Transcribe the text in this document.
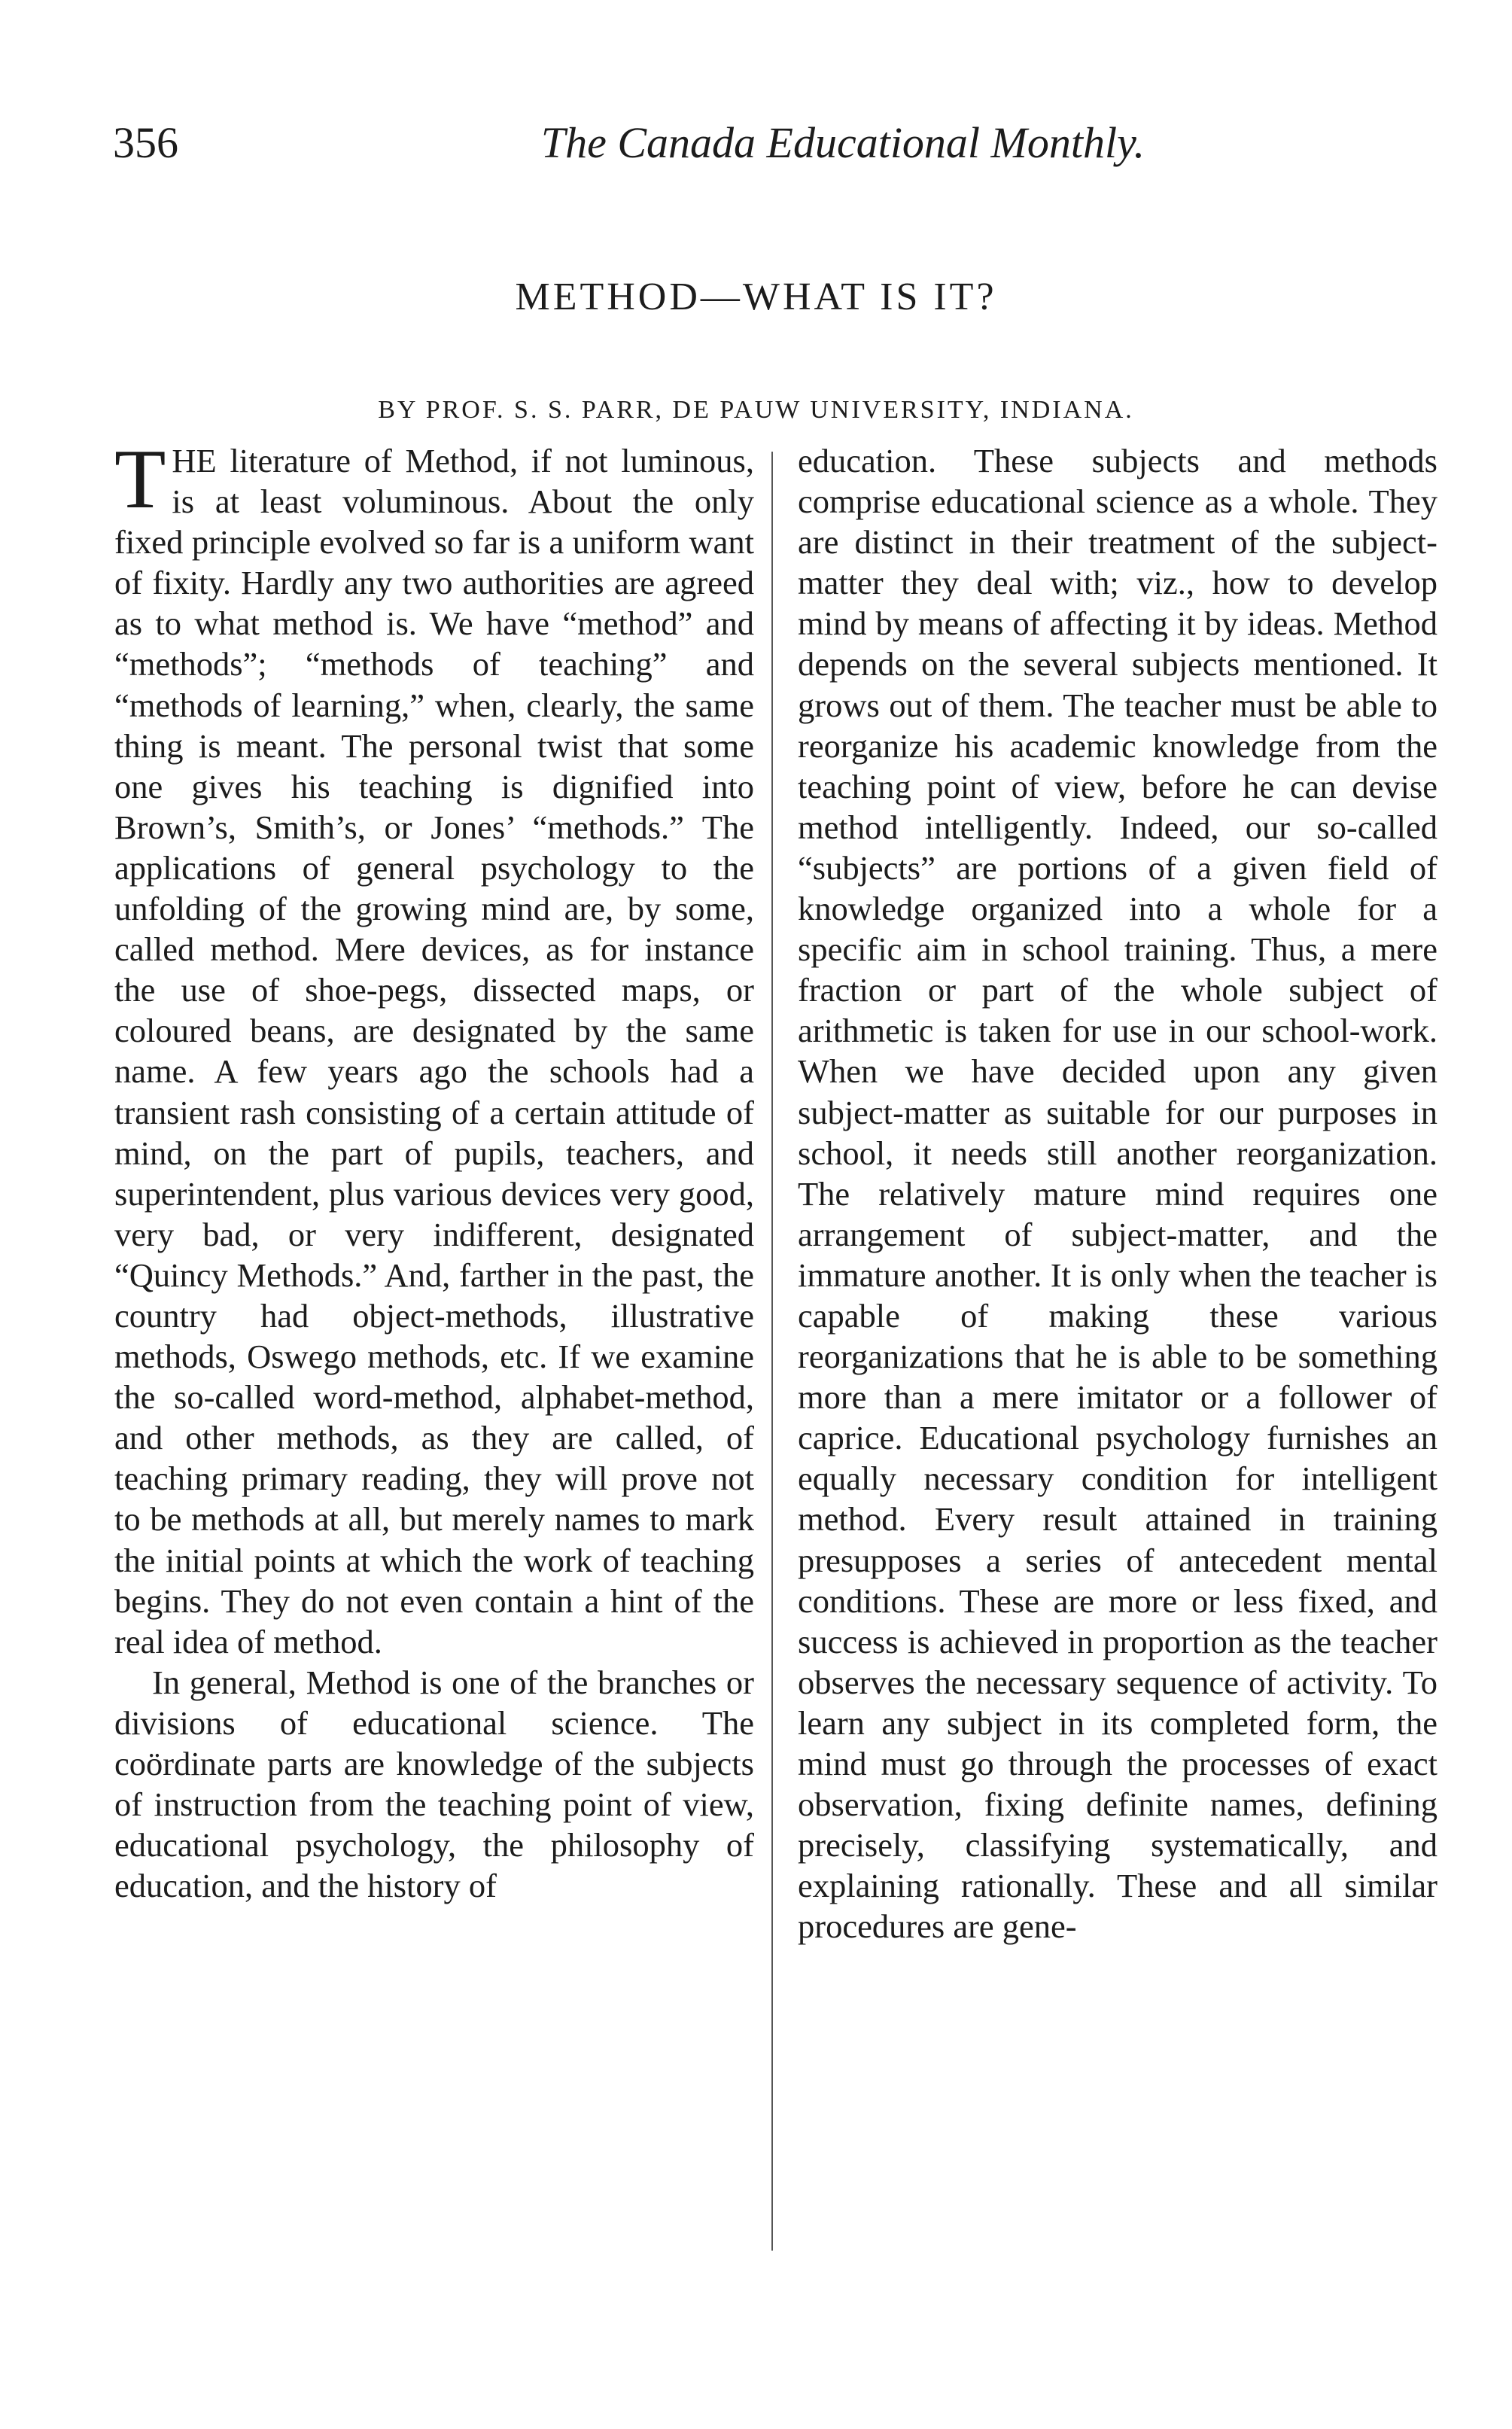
356	The Canada Educational Monthly.
METHOD—WHAT IS IT?
BY PROF. S. S. PARR, DE PAUW UNIVERSITY, INDIANA.

THE literature of Method, if not luminous, is at least voluminous. About the only fixed principle evolved so far is a uniform want of fixity. Hardly any two authorities are agreed as to what method is. We have “method” and “methods”; “methods of teaching” and “methods of learning,” when, clearly, the same thing is meant. The personal twist that some one gives his teaching is dignified into Brown’s, Smith’s, or Jones’ “methods.” The applications of general psychology to the unfolding of the growing mind are, by some, called method. Mere devices, as for instance the use of shoe-pegs, dissected maps, or coloured beans, are designated by the same name. A few years ago the schools had a transient rash consisting of a certain attitude of mind, on the part of pupils, teachers, and superintendent, plus various devices very good, very bad, or very indifferent, designated “Quincy Methods.” And, farther in the past, the country had object-methods, illustrative methods, Oswego methods, etc. If we examine the so-called word-method, alphabet-method, and other methods, as they are called, of teaching primary reading, they will prove not to be methods at all, but merely names to mark the initial points at which the work of teaching begins. They do not even contain a hint of the real idea of method.

In general, Method is one of the branches or divisions of educational science. The coördinate parts are knowledge of the subjects of instruction from the teaching point of view, educational psychology, the philosophy of education, and the history of

education. These subjects and methods comprise educational science as a whole. They are distinct in their treatment of the subject-matter they deal with; viz., how to develop mind by means of affecting it by ideas. Method depends on the several subjects mentioned. It grows out of them. The teacher must be able to reorganize his academic knowledge from the teaching point of view, before he can devise method intelligently. Indeed, our so-called “subjects” are portions of a given field of knowledge organized into a whole for a specific aim in school training. Thus, a mere fraction or part of the whole subject of arithmetic is taken for use in our school-work. When we have decided upon any given subject-matter as suitable for our purposes in school, it needs still another reorganization. The relatively mature mind requires one arrangement of subject-matter, and the immature another. It is only when the teacher is capable of making these various reorganizations that he is able to be something more than a mere imitator or a follower of caprice. Educational psychology furnishes an equally necessary condition for intelligent method. Every result attained in training presupposes a series of antecedent mental conditions. These are more or less fixed, and success is achieved in proportion as the teacher observes the necessary sequence of activity. To learn any subject in its completed form, the mind must go through the processes of exact observation, fixing definite names, defining precisely, classifying systematically, and explaining rationally. These and all similar procedures are gene-
